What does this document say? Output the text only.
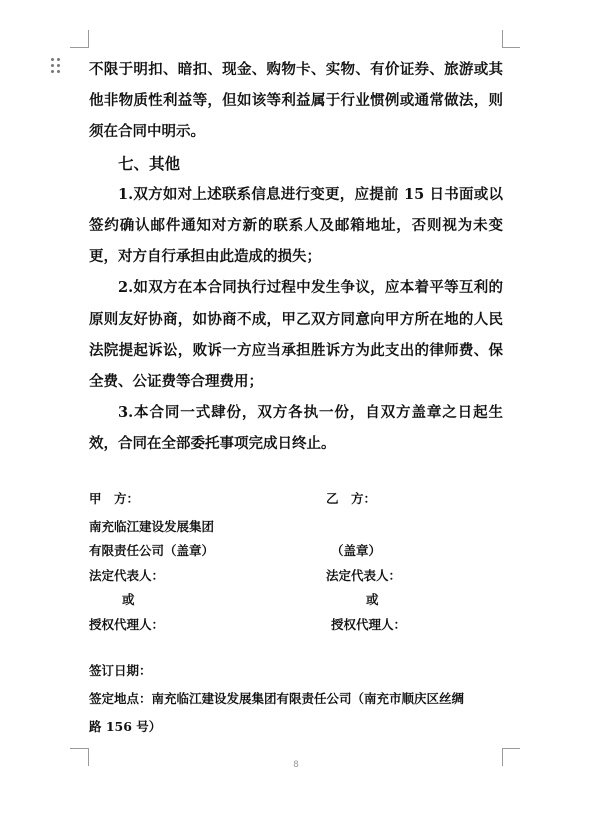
不限于明扣、暗扣、现金、购物卡、实物、有价证券、旅游或其他非物质性利益等，但如该等利益属于行业惯例或通常做法，则须在合同中明示。

七、其他

1.双方如对上述联系信息进行变更，应提前 15 日书面或以签约确认邮件通知对方新的联系人及邮箱地址，否则视为未变更，对方自行承担由此造成的损失；

2.如双方在本合同执行过程中发生争议，应本着平等互利的原则友好协商，如协商不成，甲乙双方同意向甲方所在地的人民法院提起诉讼，败诉一方应当承担胜诉方为此支出的律师费、保全费、公证费等合理费用；

3.本合同一式肆份，双方各执一份，自双方盖章之日起生效，合同在全部委托事项完成日终止。

甲　方：
南充临江建设发展集团
有限责任公司（盖章）
法定代表人：
或
授权代理人：
乙　方：

（盖章）
法定代表人：
或
授权代理人：
签订日期：
签定地点：南充临江建设发展集团有限责任公司（南充市顺庆区丝绸
路 156 号）
8
